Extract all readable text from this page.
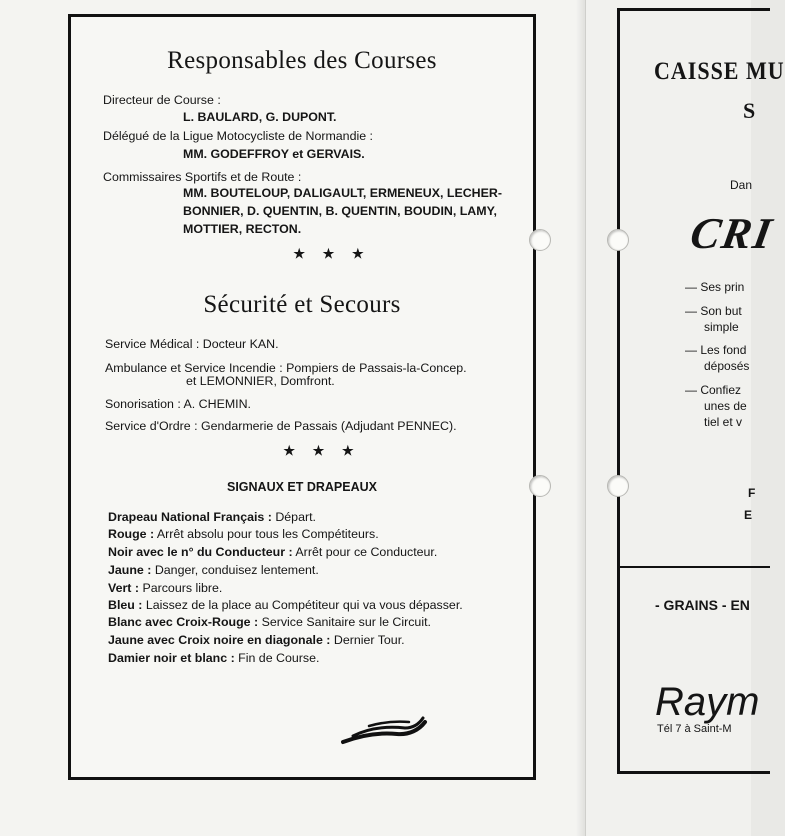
Responsables des Courses
Directeur de Course :
L. BAULARD, G. DUPONT.
Délégué de la Ligue Motocycliste de Normandie :
MM. GODEFFROY et GERVAIS.
Commissaires Sportifs et de Route :
MM. BOUTELOUP, DALIGAULT, ERMENEUX, LECHER-
BONNIER, D. QUENTIN, B. QUENTIN, BOUDIN, LAMY,
MOTTIER, RECTON.
★ ★ ★
Sécurité et Secours
Service Médical : Docteur KAN.
Ambulance et Service Incendie : Pompiers de Passais-la-Concep.
et LEMONNIER, Domfront.
Sonorisation : A. CHEMIN.
Service d'Ordre : Gendarmerie de Passais (Adjudant PENNEC).
★ ★ ★
SIGNAUX ET DRAPEAUX
Drapeau National Français : Départ.
Rouge : Arrêt absolu pour tous les Compétiteurs.
Noir avec le n° du Conducteur : Arrêt pour ce Conducteur.
Jaune : Danger, conduisez lentement.
Vert : Parcours libre.
Bleu : Laissez de la place au Compétiteur qui va vous dépasser.
Blanc avec Croix-Rouge : Service Sanitaire sur le Circuit.
Jaune avec Croix noire en diagonale : Dernier Tour.
Damier noir et blanc : Fin de Course.
CAISSE MU
S
Dan
CRI
— Ses prin
— Son but
simple
— Les fond
déposés
— Confiez
unes de
tiel et v
F
E
- GRAINS - EN
Raym
Tél 7 à Saint-M
